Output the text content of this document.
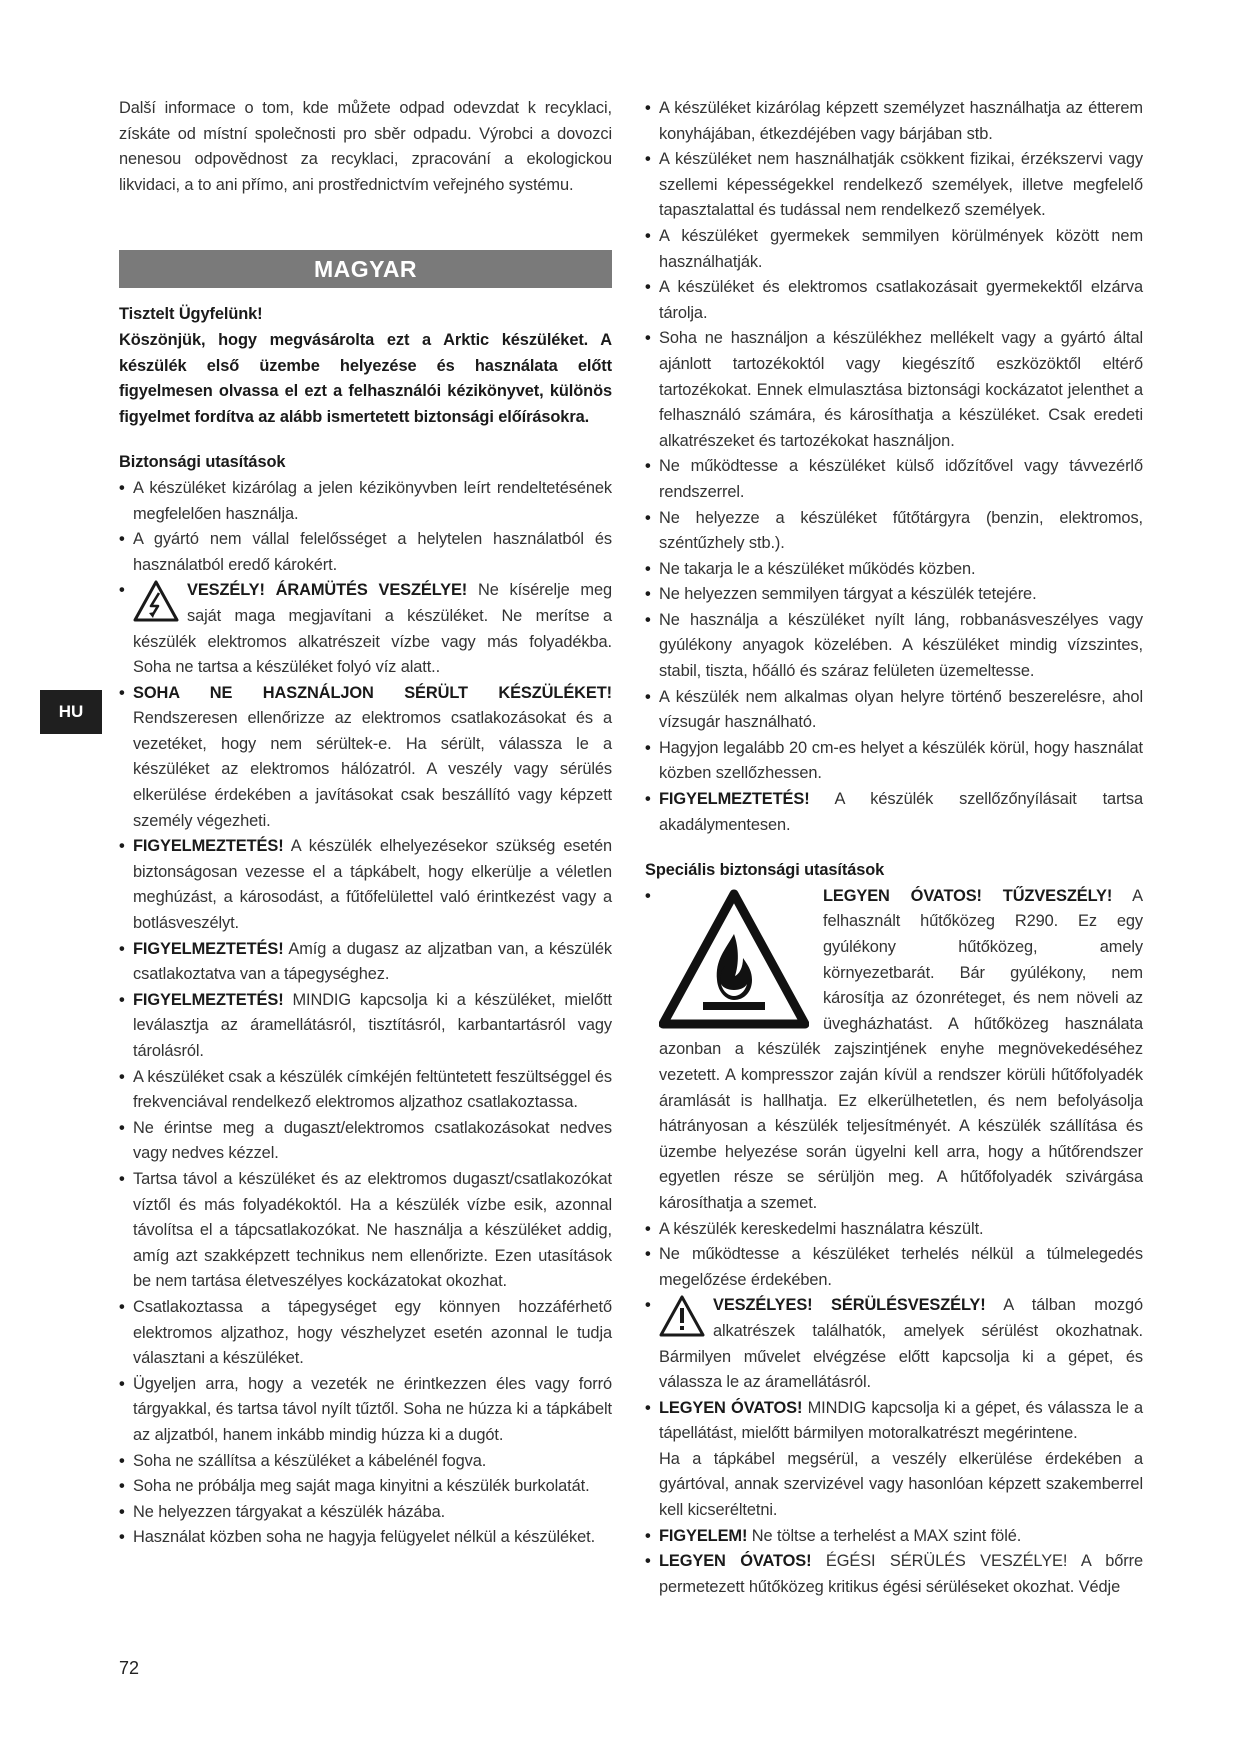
Další informace o tom, kde můžete odpad odevzdat k recyklaci, získáte od místní společnosti pro sběr odpadu. Výrobci a dovozci nenesou odpovědnost za recyklaci, zpracování a ekologickou likvidaci, a to ani přímo, ani prostřednictvím veřejného systému.

MAGYAR

Tisztelt Ügyfelünk!

Köszönjük, hogy megvásárolta ezt a Arktic készüléket. A készülék első üzembe helyezése és használata előtt figyelmesen olvassa el ezt a felhasználói kézikönyvet, különös figyelmet fordítva az alább ismertetett biztonsági előírásokra.

Biztonsági utasítások

• A készüléket kizárólag a jelen kézikönyvben leírt rendeltetésének megfelelően használja.
• A gyártó nem vállal felelősséget a helytelen használatból és használatból eredő károkért.
• VESZÉLY! ÁRAMÜTÉS VESZÉLYE! Ne kísérelje meg saját maga megjavítani a készüléket. Ne merítse a készülék elektromos alkatrészeit vízbe vagy más folyadékba. Soha ne tartsa a készüléket folyó víz alatt..
• SOHA NE HASZNÁLJON SÉRÜLT KÉSZÜLÉKET! Rendszeresen ellenőrizze az elektromos csatlakozásokat és a vezetéket, hogy nem sérültek-e. Ha sérült, válassza le a készüléket az elektromos hálózatról. A veszély vagy sérülés elkerülése érdekében a javításokat csak beszállító vagy képzett személy végezheti.
• FIGYELMEZTETÉS! A készülék elhelyezésekor szükség esetén biztonságosan vezesse el a tápkábelt, hogy elkerülje a véletlen meghúzást, a károsodást, a fűtőfelülettel való érintkezést vagy a botlásveszélyt.
• FIGYELMEZTETÉS! Amíg a dugasz az aljzatban van, a készülék csatlakoztatva van a tápegységhez.
• FIGYELMEZTETÉS! MINDIG kapcsolja ki a készüléket, mielőtt leválasztja az áramellátásról, tisztításról, karbantartásról vagy tárolásról.
• A készüléket csak a készülék címkéjén feltüntetett feszültséggel és frekvenciával rendelkező elektromos aljzathoz csatlakoztassa.
• Ne érintse meg a dugaszt/elektromos csatlakozásokat nedves vagy nedves kézzel.
• Tartsa távol a készüléket és az elektromos dugaszt/csatlakozókat víztől és más folyadékoktól. Ha a készülék vízbe esik, azonnal távolítsa el a tápcsatlakozókat. Ne használja a készüléket addig, amíg azt szakképzett technikus nem ellenőrizte. Ezen utasítások be nem tartása életveszélyes kockázatokat okozhat.
• Csatlakoztassa a tápegységet egy könnyen hozzáférhető elektromos aljzathoz, hogy vészhelyzet esetén azonnal le tudja választani a készüléket.
• Ügyeljen arra, hogy a vezeték ne érintkezzen éles vagy forró tárgyakkal, és tartsa távol nyílt tűztől. Soha ne húzza ki a tápkábelt az aljzatból, hanem inkább mindig húzza ki a dugót.
• Soha ne szállítsa a készüléket a kábelénél fogva.
• Soha ne próbálja meg saját maga kinyitni a készülék burkolatát.
• Ne helyezzen tárgyakat a készülék házába.
• Használat közben soha ne hagyja felügyelet nélkül a készüléket.
• A készüléket kizárólag képzett személyzet használhatja az étterem konyhájában, étkezdéjében vagy bárjában stb.
• A készüléket nem használhatják csökkent fizikai, érzékszervi vagy szellemi képességekkel rendelkező személyek, illetve megfelelő tapasztalattal és tudással nem rendelkező személyek.
• A készüléket gyermekek semmilyen körülmények között nem használhatják.
• A készüléket és elektromos csatlakozásait gyermekektől elzárva tárolja.
• Soha ne használjon a készülékhez mellékelt vagy a gyártó által ajánlott tartozékoktól vagy kiegészítő eszközöktől eltérő tartozékokat. Ennek elmulasztása biztonsági kockázatot jelenthet a felhasználó számára, és károsíthatja a készüléket. Csak eredeti alkatrészeket és tartozékokat használjon.
• Ne működtesse a készüléket külső időzítővel vagy távvezérlő rendszerrel.
• Ne helyezze a készüléket fűtőtárgyra (benzin, elektromos, széntűzhely stb.).
• Ne takarja le a készüléket működés közben.
• Ne helyezzen semmilyen tárgyat a készülék tetejére.
• Ne használja a készüléket nyílt láng, robbanásveszélyes vagy gyúlékony anyagok közelében. A készüléket mindig vízszintes, stabil, tiszta, hőálló és száraz felületen üzemeltesse.
• A készülék nem alkalmas olyan helyre történő beszerelésre, ahol vízsugár használható.
• Hagyjon legalább 20 cm-es helyet a készülék körül, hogy használat közben szellőzhessen.
• FIGYELMEZTETÉS! A készülék szellőzőnyílásait tartsa akadálymentesen.

Speciális biztonsági utasítások

• LEGYEN ÓVATOS! TŰZVESZÉLY! A felhasznált hűtőközeg R290. Ez egy gyúlékony hűtőközeg, amely környezetbarát. Bár gyúlékony, nem károsítja az ózonréteget, és nem növeli az üvegházhatást. A hűtőközeg használata azonban a készülék zajszintjének enyhe megnövekedéséhez vezetett. A kompresszor zaján kívül a rendszer körüli hűtőfolyadék áramlását is hallhatja. Ez elkerülhetetlen, és nem befolyásolja hátrányosan a készülék teljesítményét. A készülék szállítása és üzembe helyezése során ügyelni kell arra, hogy a hűtőrendszer egyetlen része se sérüljön meg. A hűtőfolyadék szivárgása károsíthatja a szemet.
• A készülék kereskedelmi használatra készült.
• Ne működtesse a készüléket terhelés nélkül a túlmelegedés megelőzése érdekében.
• VESZÉLYES! SÉRÜLÉSVESZÉLY! A tálban mozgó alkatrészek találhatók, amelyek sérülést okozhatnak. Bármilyen művelet elvégzése előtt kapcsolja ki a gépet, és válassza le az áramellátásról.
• LEGYEN ÓVATOS! MINDIG kapcsolja ki a gépet, és válassza le a tápellátást, mielőtt bármilyen motoralkatrészt megérintene.
Ha a tápkábel megsérül, a veszély elkerülése érdekében a gyártóval, annak szervizével vagy hasonlóan képzett szakemberrel kell kicseréltetni.
• FIGYELEM! Ne töltse a terhelést a MAX szint fölé.
• LEGYEN ÓVATOS! ÉGÉSI SÉRÜLÉS VESZÉLYE! A bőrre permetezett hűtőközeg kritikus égési sérüléseket okozhat. Védje
HU
72
